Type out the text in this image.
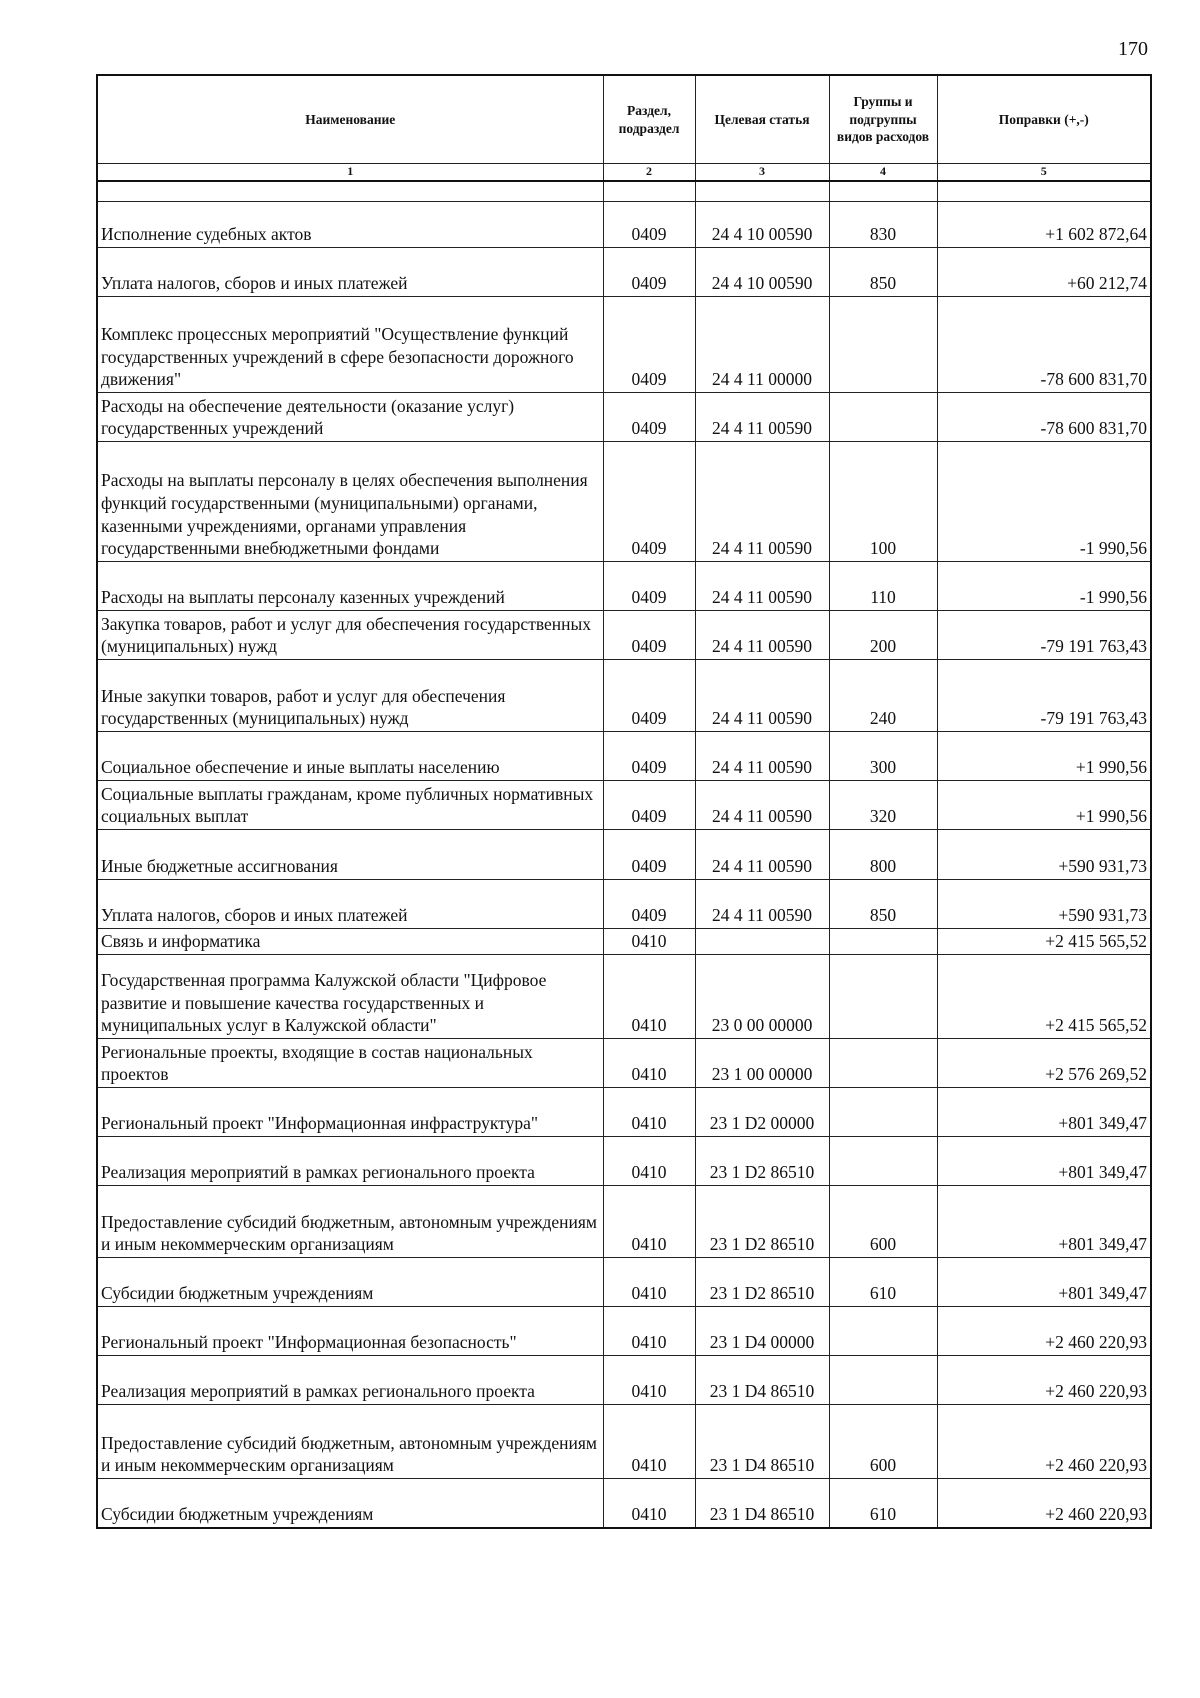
170
Наименование	Раздел, подраздел	Целевая статья	Группы и подгруппы видов расходов	Поправки (+,-)
1	2	3	4	5

Исполнение судебных актов	0409	24 4 10 00590	830	+1 602 872,64
Уплата налогов, сборов и иных платежей	0409	24 4 10 00590	850	+60 212,74
Комплекс процессных мероприятий "Осуществление функций государственных учреждений в сфере безопасности дорожного движения"	0409	24 4 11 00000		-78 600 831,70
Расходы на обеспечение деятельности (оказание услуг) государственных учреждений	0409	24 4 11 00590		-78 600 831,70
Расходы на выплаты персоналу в целях обеспечения выполнения функций государственными (муниципальными) органами, казенными учреждениями, органами управления государственными внебюджетными фондами	0409	24 4 11 00590	100	-1 990,56
Расходы на выплаты персоналу казенных учреждений	0409	24 4 11 00590	110	-1 990,56
Закупка товаров, работ и услуг для обеспечения государственных (муниципальных) нужд	0409	24 4 11 00590	200	-79 191 763,43
Иные закупки товаров, работ и услуг для обеспечения государственных (муниципальных) нужд	0409	24 4 11 00590	240	-79 191 763,43
Социальное обеспечение и иные выплаты населению	0409	24 4 11 00590	300	+1 990,56
Социальные выплаты гражданам, кроме публичных нормативных социальных выплат	0409	24 4 11 00590	320	+1 990,56
Иные бюджетные ассигнования	0409	24 4 11 00590	800	+590 931,73
Уплата налогов, сборов и иных платежей	0409	24 4 11 00590	850	+590 931,73
Связь и информатика	0410			+2 415 565,52
Государственная программа Калужской области "Цифровое развитие и повышение качества государственных и муниципальных услуг в Калужской области"	0410	23 0 00 00000		+2 415 565,52
Региональные проекты, входящие в состав национальных проектов	0410	23 1 00 00000		+2 576 269,52
Региональный проект "Информационная инфраструктура"	0410	23 1 D2 00000		+801 349,47
Реализация мероприятий в рамках регионального проекта	0410	23 1 D2 86510		+801 349,47
Предоставление субсидий бюджетным, автономным учреждениям и иным некоммерческим организациям	0410	23 1 D2 86510	600	+801 349,47
Субсидии бюджетным учреждениям	0410	23 1 D2 86510	610	+801 349,47
Региональный проект "Информационная безопасность"	0410	23 1 D4 00000		+2 460 220,93
Реализация мероприятий в рамках регионального проекта	0410	23 1 D4 86510		+2 460 220,93
Предоставление субсидий бюджетным, автономным учреждениям и иным некоммерческим организациям	0410	23 1 D4 86510	600	+2 460 220,93
Субсидии бюджетным учреждениям	0410	23 1 D4 86510	610	+2 460 220,93
